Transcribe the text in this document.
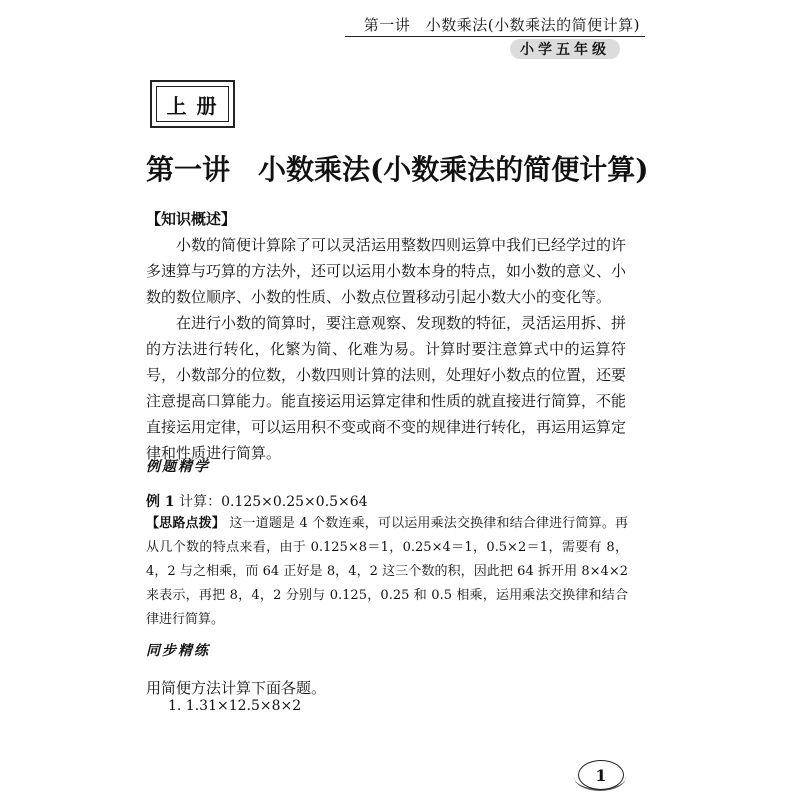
第一讲　小数乘法(小数乘法的简便计算)
小学五年级
上册
第一讲　小数乘法(小数乘法的简便计算)
【知识概述】
小数的简便计算除了可以灵活运用整数四则运算中我们已经学过的许多速算与巧算的方法外，还可以运用小数本身的特点，如小数的意义、小数的数位顺序、小数的性质、小数点位置移动引起小数大小的变化等。
在进行小数的简算时，要注意观察、发现数的特征，灵活运用拆、拼的方法进行转化，化繁为简、化难为易。计算时要注意算式中的运算符号，小数部分的位数，小数四则计算的法则，处理好小数点的位置，还要注意提高口算能力。能直接运用运算定律和性质的就直接进行简算，不能直接运用定律，可以运用积不变或商不变的规律进行转化，再运用运算定律和性质进行简算。
例题精学
例 1 计算：0.125×0.25×0.5×64
【思路点拨】 这一道题是 4 个数连乘，可以运用乘法交换律和结合律进行简算。再从几个数的特点来看，由于 0.125×8＝1，0.25×4＝1，0.5×2＝1，需要有 8，4，2 与之相乘，而 64 正好是 8，4，2 这三个数的积，因此把 64 拆开用 8×4×2 来表示，再把 8，4，2 分别与 0.125，0.25 和 0.5 相乘，运用乘法交换律和结合律进行简算。
同步精练
用简便方法计算下面各题。
1. 1.31×12.5×8×2
1
